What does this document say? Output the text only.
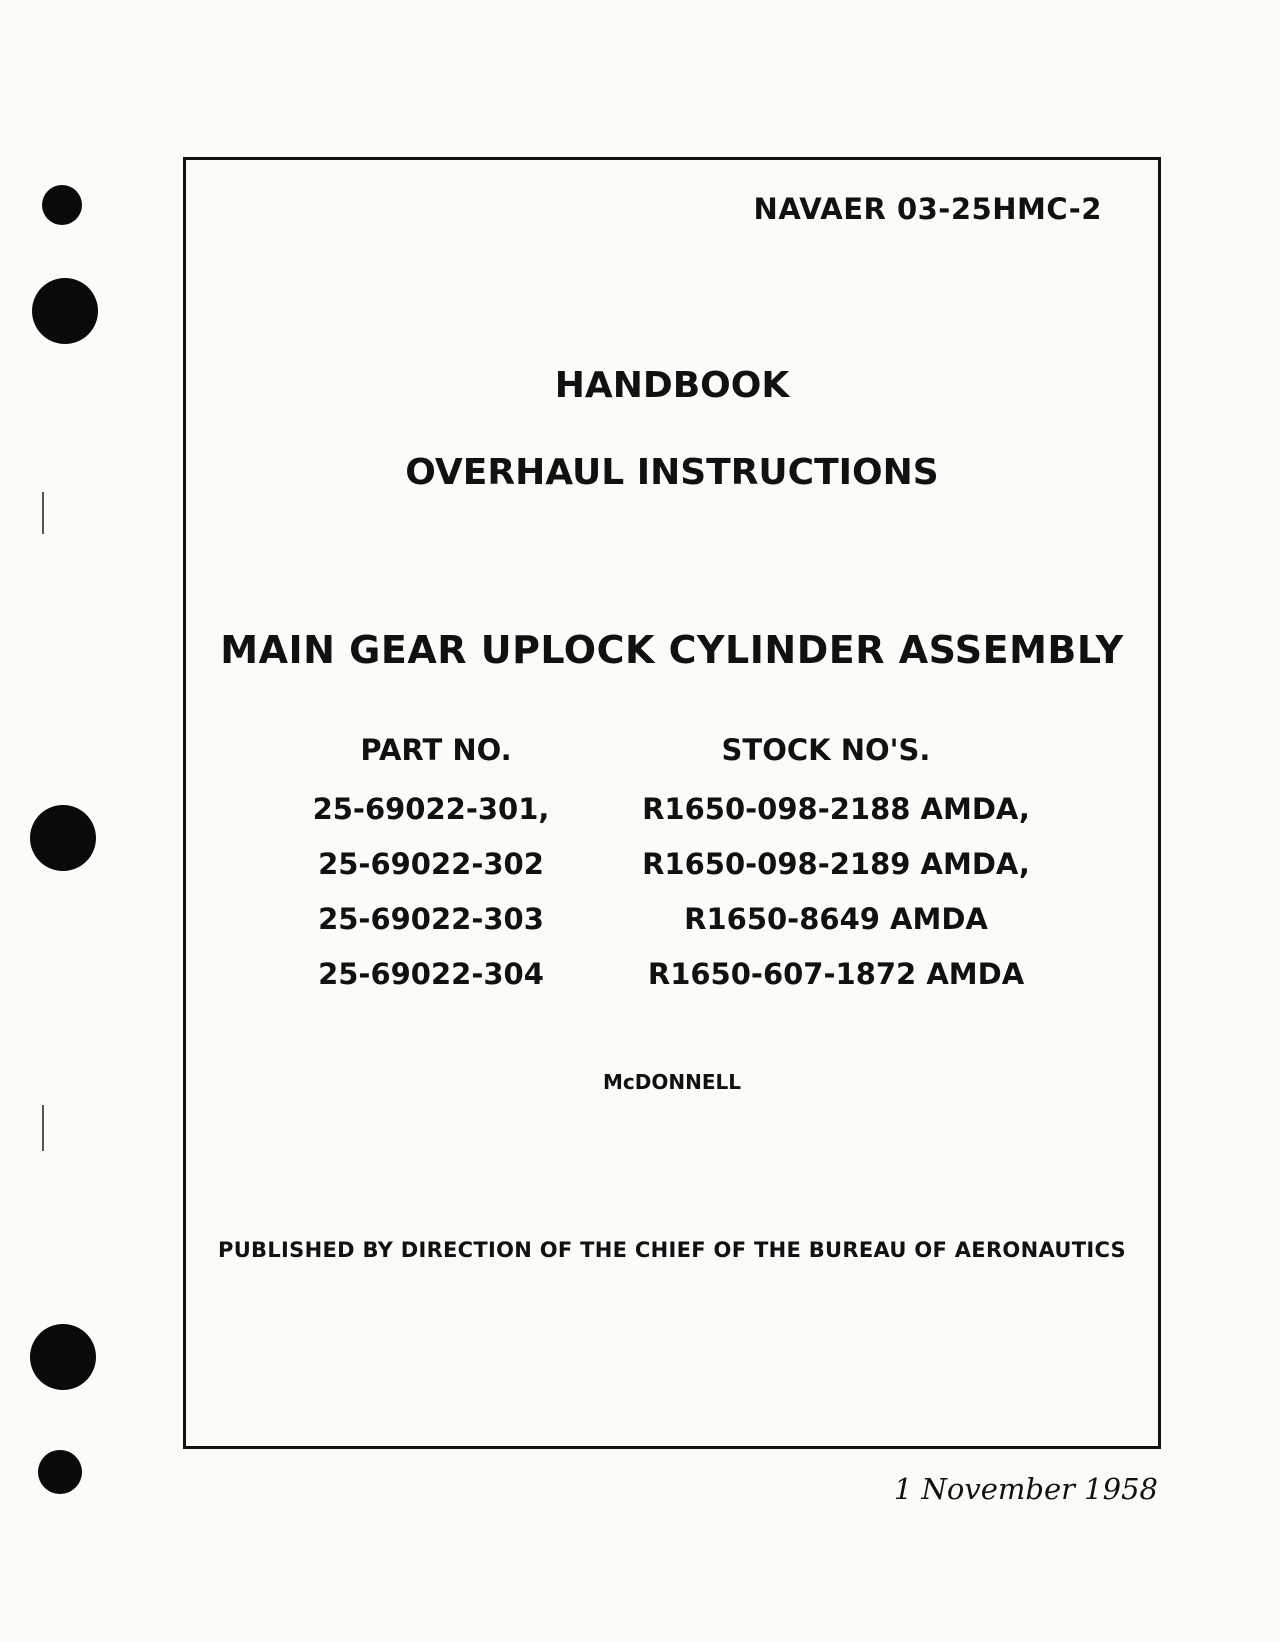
NAVAER 03-25HMC-2
HANDBOOK
OVERHAUL INSTRUCTIONS
MAIN GEAR UPLOCK CYLINDER ASSEMBLY
PART NO.	STOCK NO'S.
25-69022-301,	R1650-098-2188 AMDA,
25-69022-302	R1650-098-2189 AMDA,
25-69022-303	R1650-8649 AMDA
25-69022-304	R1650-607-1872 AMDA
McDONNELL
PUBLISHED BY DIRECTION OF THE CHIEF OF THE BUREAU OF AERONAUTICS
1 November 1958
